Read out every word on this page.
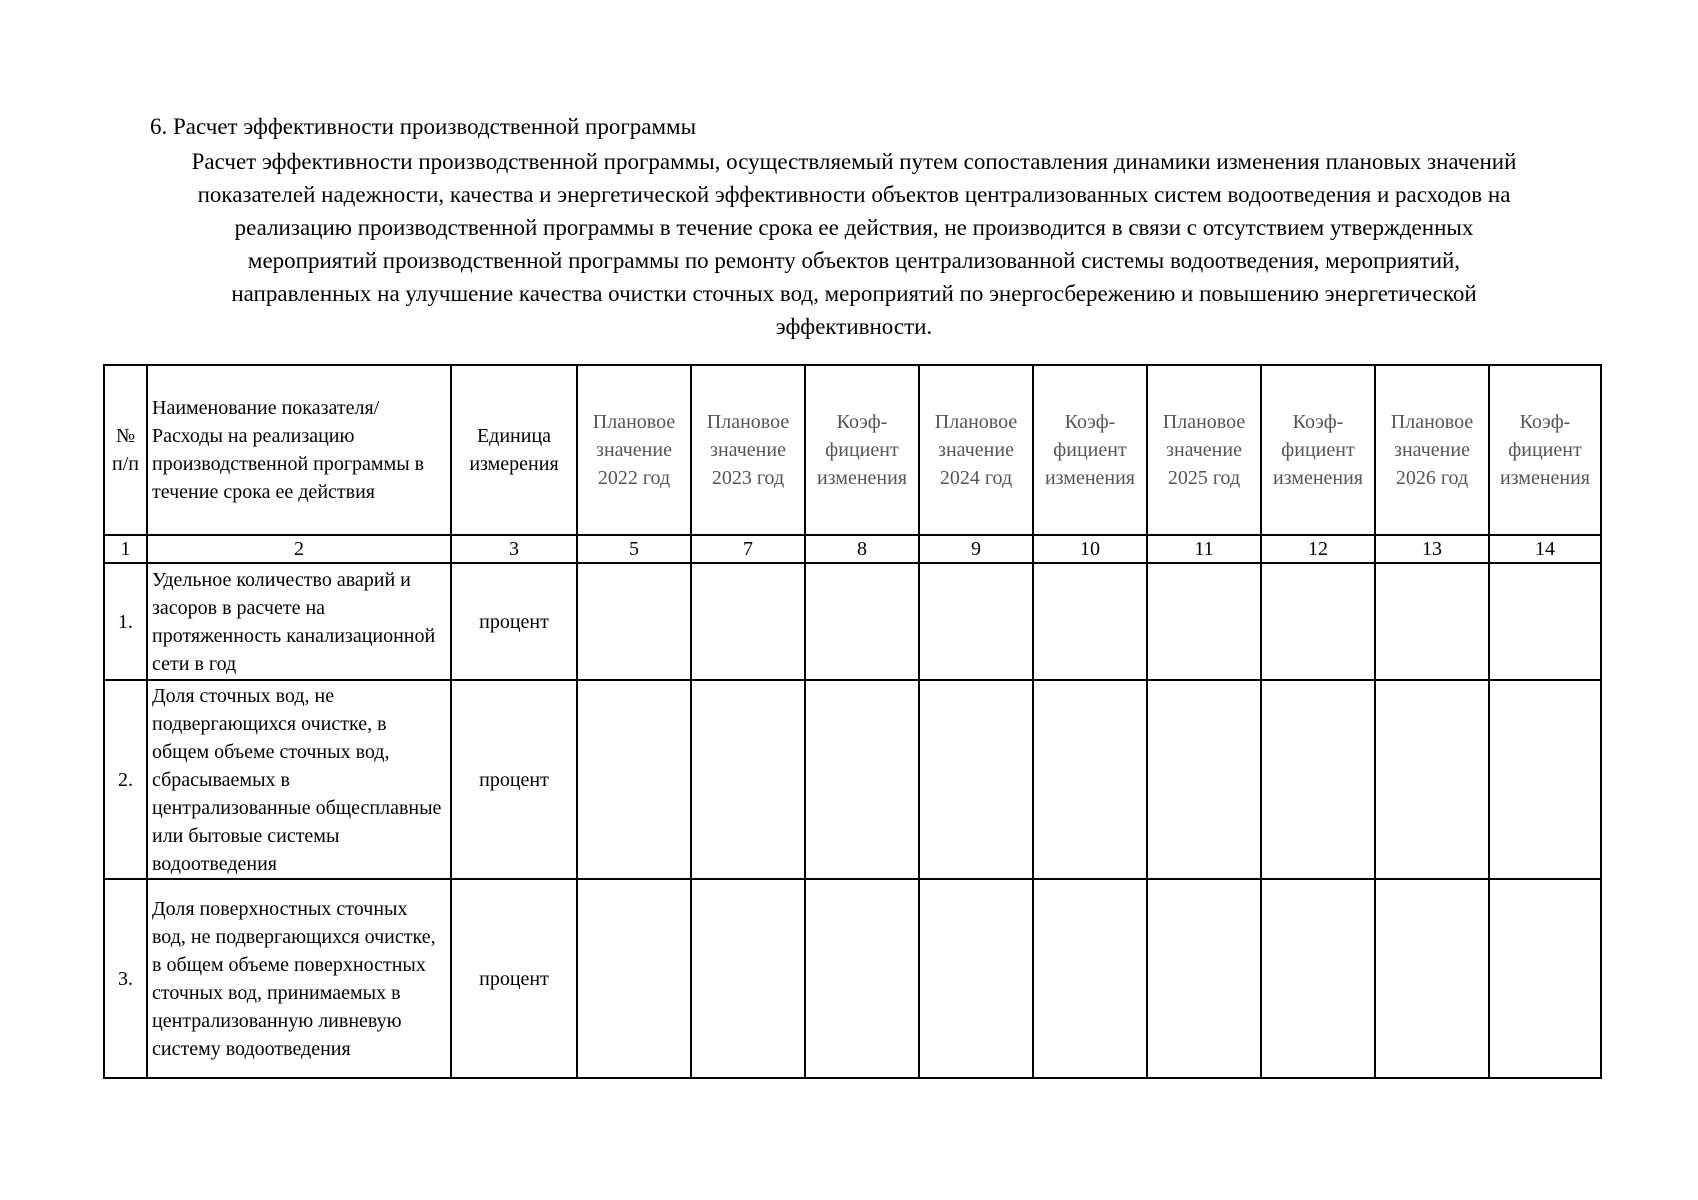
6. Расчет эффективности производственной программы
Расчет эффективности производственной программы, осуществляемый путем сопоставления динамики изменения плановых значений
показателей надежности, качества и энергетической эффективности объектов централизованных систем водоотведения и расходов на
реализацию производственной программы в течение срока ее действия, не производится в связи с отсутствием утвержденных
мероприятий производственной программы по ремонту объектов централизованной системы водоотведения, мероприятий,
направленных на улучшение качества очистки сточных вод, мероприятий по энергосбережению и повышению энергетической
эффективности.
№ п/п	Наименование показателя/Расходы на реализацию производственной программы в течение срока ее действия	Единица измерения	Плановое значение 2022 год	Плановое значение 2023 год	Коэф-фициент изменения	Плановое значение 2024 год	Коэф-фициент изменения	Плановое значение 2025 год	Коэф-фициент изменения	Плановое значение 2026 год	Коэф-фициент изменения
1	2	3	5	7	8	9	10	11	12	13	14
1.	Удельное количество аварий и засоров в расчете на протяженность канализационной сети в год	процент									
2.	Доля сточных вод, не подвергающихся очистке, в общем объеме сточных вод, сбрасываемых в централизованные общесплавные или бытовые системы водоотведения	процент									
3.	Доля поверхностных сточных вод, не подвергающихся очистке, в общем объеме поверхностных сточных вод, принимаемых в централизованную ливневую систему водоотведения	процент									
